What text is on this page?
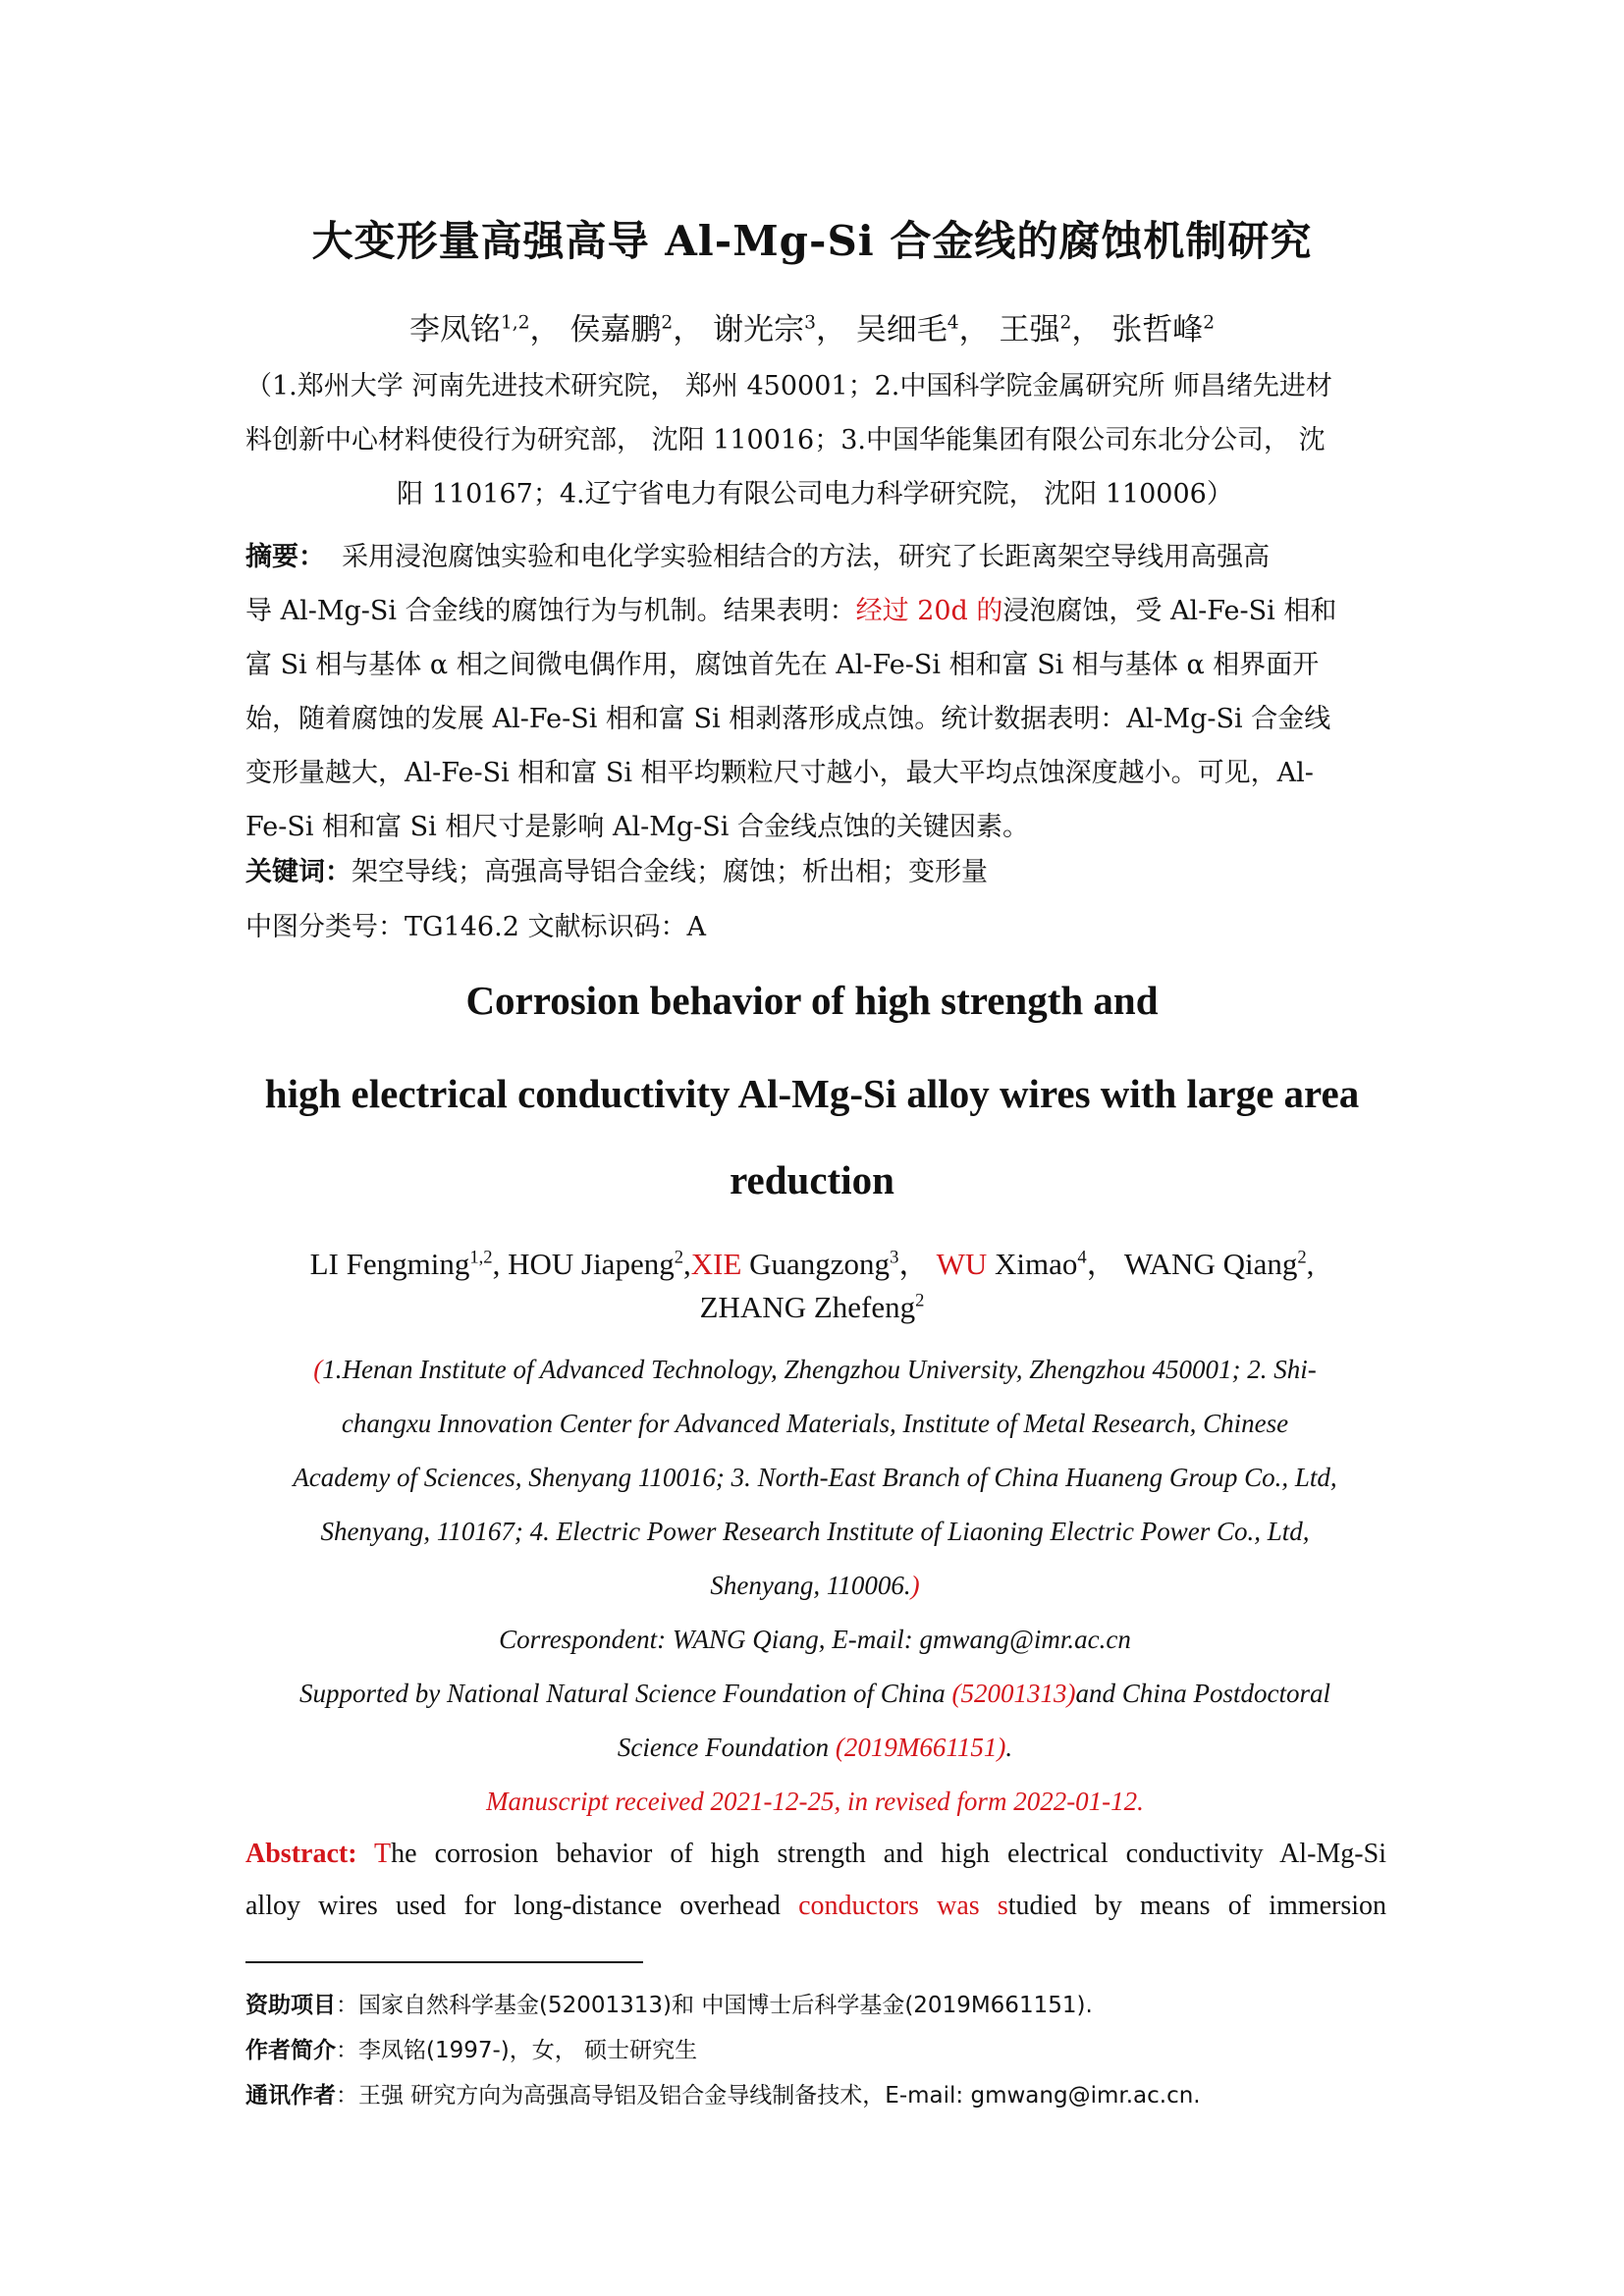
大变形量高强高导 Al-Mg-Si 合金线的腐蚀机制研究
李凤铭$^{1,2}$， 侯嘉鹏$^2$， 谢光宗$^3$， 吴细毛$^4$， 王强$^2$， 张哲峰$^2$
（1.郑州大学 河南先进技术研究院， 郑州 450001；2.中国科学院金属研究所 师昌绪先进材
料创新中心材料使役行为研究部， 沈阳 110016；3.中国华能集团有限公司东北分公司， 沈
阳 110167；4.辽宁省电力有限公司电力科学研究院， 沈阳 110006）
摘要： 采用浸泡腐蚀实验和电化学实验相结合的方法，研究了长距离架空导线用高强高
导 Al-Mg-Si 合金线的腐蚀行为与机制。结果表明：经过 20d 的浸泡腐蚀，受 Al-Fe-Si 相和
富 Si 相与基体 α 相之间微电偶作用，腐蚀首先在 Al-Fe-Si 相和富 Si 相与基体 α 相界面开
始，随着腐蚀的发展 Al-Fe-Si 相和富 Si 相剥落形成点蚀。统计数据表明：Al-Mg-Si 合金线
变形量越大，Al-Fe-Si 相和富 Si 相平均颗粒尺寸越小，最大平均点蚀深度越小。可见，Al-
Fe-Si 相和富 Si 相尺寸是影响 Al-Mg-Si 合金线点蚀的关键因素。
关键词：架空导线；高强高导铝合金线；腐蚀；析出相；变形量
中图分类号：TG146.2 文献标识码：A
Corrosion behavior of high strength and
high electrical conductivity Al-Mg-Si alloy wires with large area
reduction
LI Fengming$^{1,2}$, HOU Jiapeng$^2$,XIE Guangzong$^3$， WU Ximao$^4$， WANG Qiang$^2$,
ZHANG Zhefeng$^2$
(1.Henan Institute of Advanced Technology, Zhengzhou University, Zhengzhou 450001; 2. Shi-
changxu Innovation Center for Advanced Materials, Institute of Metal Research, Chinese
Academy of Sciences, Shenyang 110016; 3. North-East Branch of China Huaneng Group Co., Ltd,
Shenyang, 110167; 4. Electric Power Research Institute of Liaoning Electric Power Co., Ltd,
Shenyang, 110006.)
Correspondent: WANG Qiang, E-mail: gmwang@imr.ac.cn
Supported by National Natural Science Foundation of China (52001313)and China Postdoctoral
Science Foundation (2019M661151).
Manuscript received 2021-12-25, in revised form 2022-01-12.
Abstract: The corrosion behavior of high strength and high electrical conductivity Al-Mg-Si
alloy wires used for long-distance overhead conductors was studied by means of immersion
资助项目：国家自然科学基金(52001313)和 中国博士后科学基金(2019M661151).
作者简介：李凤铭(1997-)，女， 硕士研究生
通讯作者：王强 研究方向为高强高导铝及铝合金导线制备技术，E-mail: gmwang@imr.ac.cn.
